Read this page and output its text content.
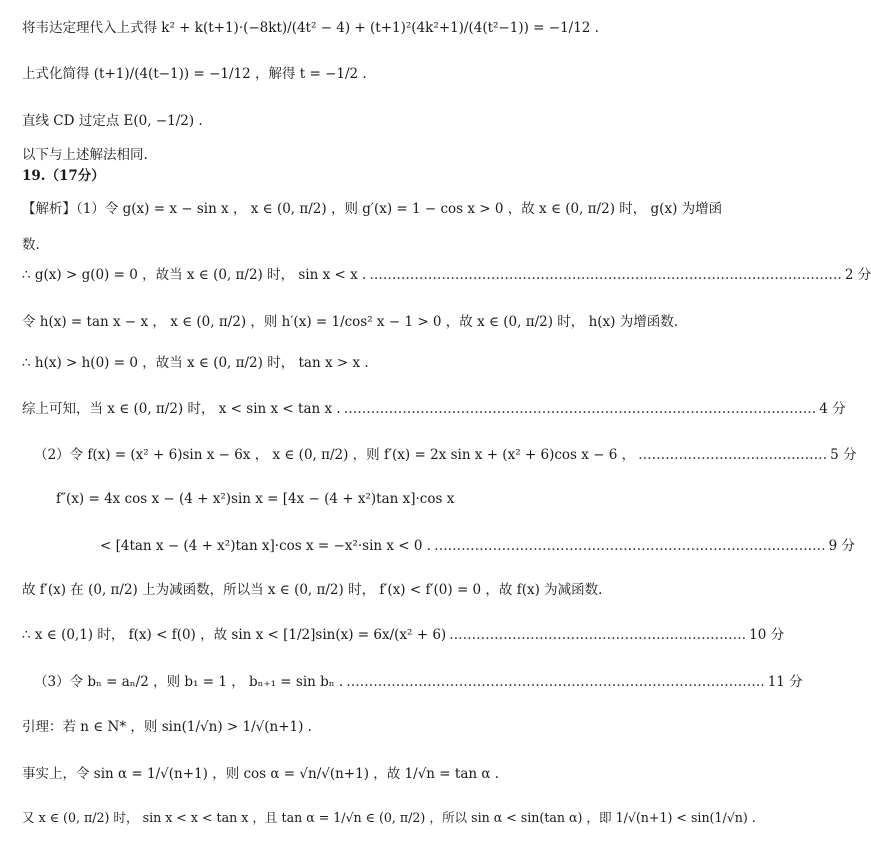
将韦达定理代入上式得 k² + k(t+1)·(−8kt)/(4t² − 4) + (t+1)²(4k²+1)/(4(t²−1)) = −1/12 .
上式化简得 (t+1)/(4(t−1)) = −1/12 ，解得 t = −1/2 .
直线 CD 过定点 E(0, −1/2) .
以下与上述解法相同.
19.（17分）
【解析】（1）令 g(x) = x − sin x ， x ∈ (0, π/2) ，则 g′(x) = 1 − cos x > 0 ，故 x ∈ (0, π/2) 时， g(x) 为增函
数.
∴ g(x) > g(0) = 0 ，故当 x ∈ (0, π/2) 时， sin x < x . …………………………………………………………………………………………… 2 分
令 h(x) = tan x − x ， x ∈ (0, π/2) ，则 h′(x) = 1/cos² x − 1 > 0 ，故 x ∈ (0, π/2) 时， h(x) 为增函数.
∴ h(x) > h(0) = 0 ，故当 x ∈ (0, π/2) 时， tan x > x .
综上可知，当 x ∈ (0, π/2) 时， x < sin x < tan x . …………………………………………………………………………………………… 4 分
（2）令 f(x) = (x² + 6)sin x − 6x ， x ∈ (0, π/2) ，则 f′(x) = 2x sin x + (x² + 6)cos x − 6 ， …………………………………… 5 分
f″(x) = 4x cos x − (4 + x²)sin x = [4x − (4 + x²)tan x]·cos x
< [4tan x − (4 + x²)tan x]·cos x = −x²·sin x < 0 . …………………………………………………………………………… 9 分
故 f′(x) 在 (0, π/2) 上为减函数，所以当 x ∈ (0, π/2) 时， f′(x) < f′(0) = 0 ，故 f(x) 为减函数.
∴ x ∈ (0,1) 时， f(x) < f(0) ，故 sin x < [1/2]sin(x) = 6x/(x² + 6) ………………………………………………………… 10 分
（3）令 bₙ = aₙ/2 ，则 b₁ = 1 ， bₙ₊₁ = sin bₙ . ………………………………………………………………………………… 11 分
引理：若 n ∈ N* ，则 sin(1/√n) > 1/√(n+1) .
事实上，令 sin α = 1/√(n+1) ，则 cos α = √n/√(n+1) ，故 1/√n = tan α .
又 x ∈ (0, π/2) 时， sin x < x < tan x ，且 tan α = 1/√n ∈ (0, π/2) ，所以 sin α < sin(tan α) ，即 1/√(n+1) < sin(1/√n) .
